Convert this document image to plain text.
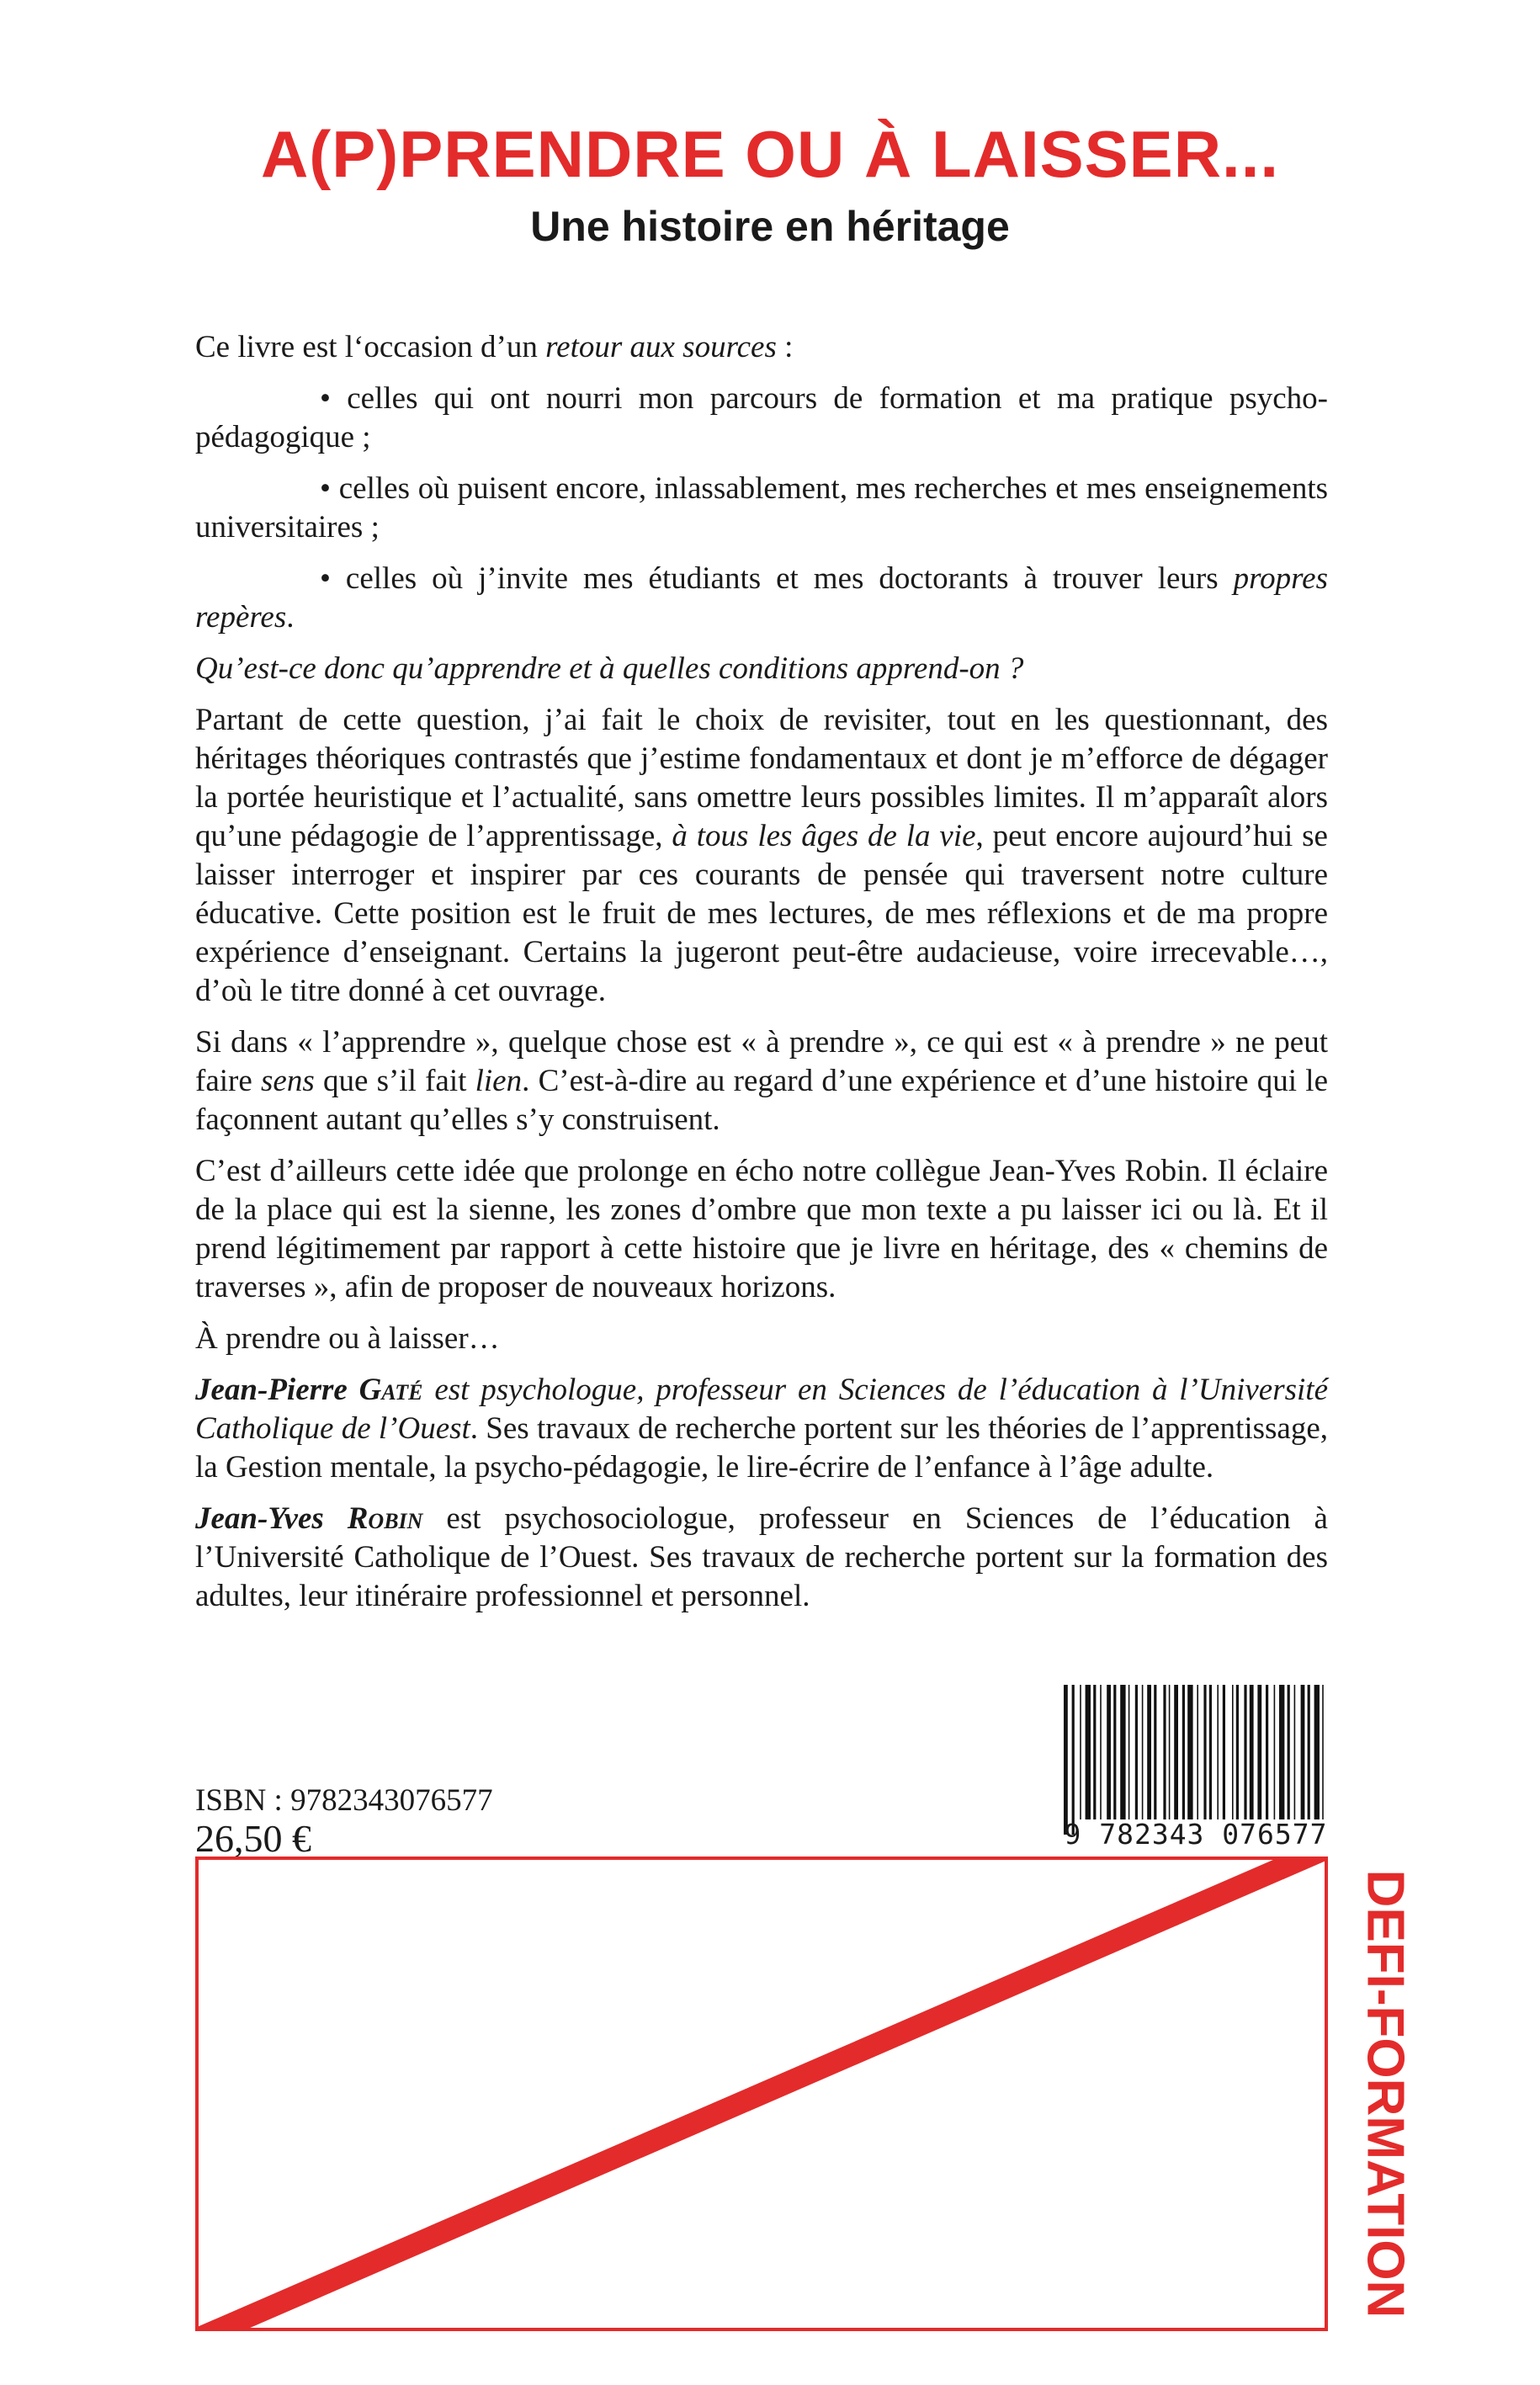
A(P)PRENDRE OU À LAISSER...
Une histoire en héritage

Ce livre est l‘occasion d’un retour aux sources :

• celles qui ont nourri mon parcours de formation et ma pratique psycho-pédagogique ;

• celles où puisent encore, inlassablement, mes recherches et mes enseignements universitaires ;

• celles où j’invite mes étudiants et mes doctorants à trouver leurs propres repères.

Qu’est-ce donc qu’apprendre et à quelles conditions apprend-on ?

Partant de cette question, j’ai fait le choix de revisiter, tout en les questionnant, des héritages théoriques contrastés que j’estime fondamentaux et dont je m’efforce de dégager la portée heuristique et l’actualité, sans omettre leurs possibles limites. Il m’apparaît alors qu’une pédagogie de l’apprentissage, à tous les âges de la vie, peut encore aujourd’hui se laisser interroger et inspirer par ces courants de pensée qui traversent notre culture éducative. Cette position est le fruit de mes lectures, de mes réflexions et de ma propre expérience d’enseignant. Certains la jugeront peut-être audacieuse, voire irrecevable…, d’où le titre donné à cet ouvrage.

Si dans « l’apprendre », quelque chose est « à prendre », ce qui est « à prendre » ne peut faire sens que s’il fait lien. C’est-à-dire au regard d’une expérience et d’une histoire qui le façonnent autant qu’elles s’y construisent.

C’est d’ailleurs cette idée que prolonge en écho notre collègue Jean-Yves Robin. Il éclaire de la place qui est la sienne, les zones d’ombre que mon texte a pu laisser ici ou là. Et il prend légitimement par rapport à cette histoire que je livre en héritage, des « chemins de traverses », afin de proposer de nouveaux horizons.

À prendre ou à laisser…

Jean-Pierre Gaté est psychologue, professeur en Sciences de l’éducation à l’Université Catholique de l’Ouest. Ses travaux de recherche portent sur les théories de l’apprentissage, la Gestion mentale, la psycho-pédagogie, le lire-écrire de l’enfance à l’âge adulte.

Jean-Yves Robin est psychosociologue, professeur en Sciences de l’éducation à l’Université Catholique de l’Ouest. Ses travaux de recherche portent sur la formation des adultes, leur itinéraire professionnel et personnel.

ISBN : 9782343076577
26,50 €	9 782343 076577
DEFI-FORMATION
